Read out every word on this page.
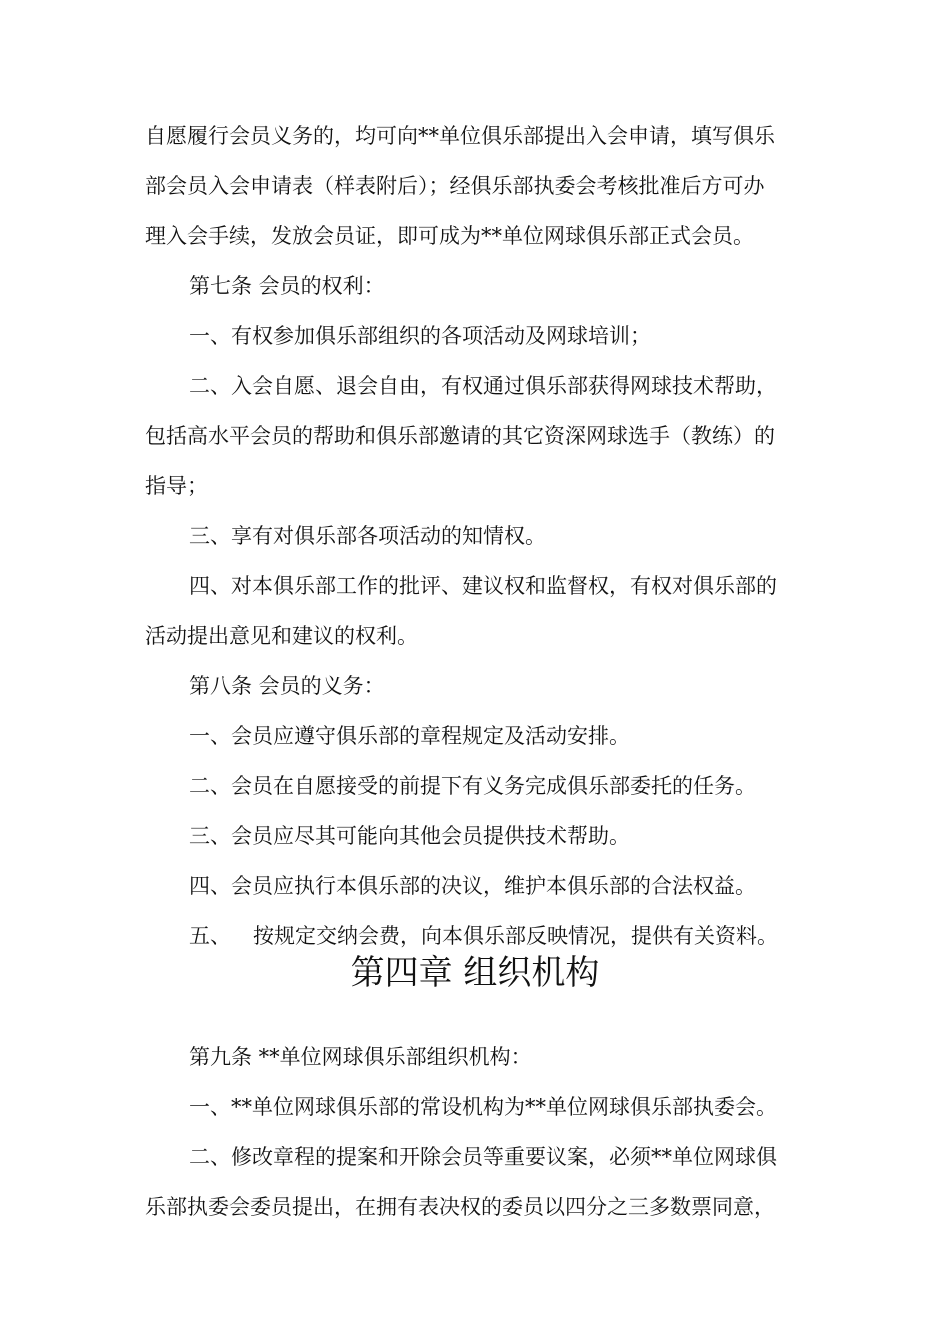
自愿履行会员义务的，均可向**单位俱乐部提出入会申请，填写俱乐
部会员入会申请表（样表附后）；经俱乐部执委会考核批准后方可办
理入会手续，发放会员证，即可成为**单位网球俱乐部正式会员。
第七条 会员的权利：
一、有权参加俱乐部组织的各项活动及网球培训；
二、入会自愿、退会自由，有权通过俱乐部获得网球技术帮助，
包括高水平会员的帮助和俱乐部邀请的其它资深网球选手（教练）的
指导；
三、享有对俱乐部各项活动的知情权。
四、对本俱乐部工作的批评、建议权和监督权，有权对俱乐部的
活动提出意见和建议的权利。
第八条 会员的义务：
一、会员应遵守俱乐部的章程规定及活动安排。
二、会员在自愿接受的前提下有义务完成俱乐部委托的任务。
三、会员应尽其可能向其他会员提供技术帮助。
四、会员应执行本俱乐部的决议，维护本俱乐部的合法权益。
五、 按规定交纳会费，向本俱乐部反映情况，提供有关资料。
第四章 组织机构
第九条 **单位网球俱乐部组织机构：
一、**单位网球俱乐部的常设机构为**单位网球俱乐部执委会。
二、修改章程的提案和开除会员等重要议案，必须**单位网球俱
乐部执委会委员提出，在拥有表决权的委员以四分之三多数票同意，
